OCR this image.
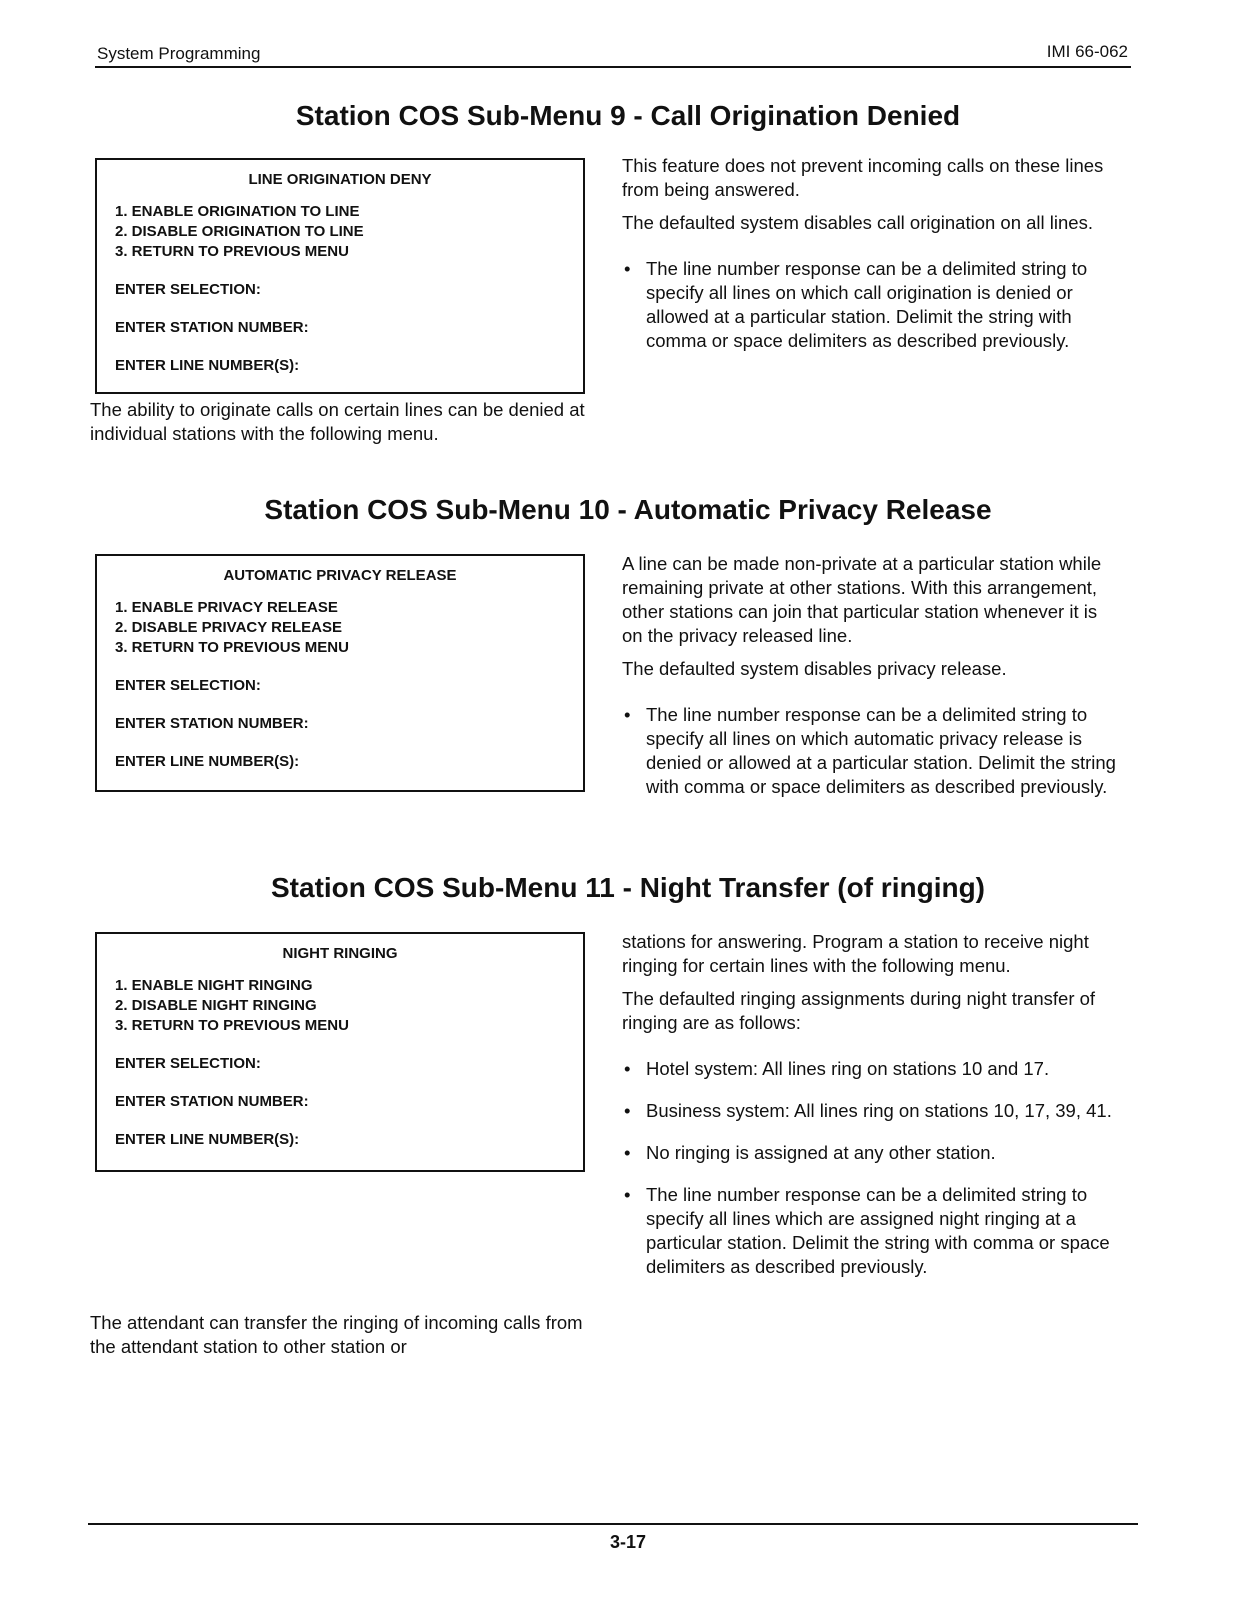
System Programming	IMI 66-062
Station COS Sub-Menu 9 - Call Origination Denied
LINE ORIGINATION DENY
1. ENABLE ORIGINATION TO LINE
2. DISABLE ORIGINATION TO LINE
3. RETURN TO PREVIOUS MENU
ENTER SELECTION:
ENTER STATION NUMBER:
ENTER LINE NUMBER(S):
The ability to originate calls on certain lines can be denied at individual stations with the following menu.

This feature does not prevent incoming calls on these lines from being answered.

The defaulted system disables call origination on all lines.

• The line number response can be a delimited string to specify all lines on which call origination is denied or allowed at a particular station. Delimit the string with comma or space delimiters as described previously.
Station COS Sub-Menu 10 - Automatic Privacy Release
AUTOMATIC PRIVACY RELEASE
1. ENABLE PRIVACY RELEASE
2. DISABLE PRIVACY RELEASE
3. RETURN TO PREVIOUS MENU
ENTER SELECTION:
ENTER STATION NUMBER:
ENTER LINE NUMBER(S):

A line can be made non-private at a particular station while remaining private at other stations. With this arrangement, other stations can join that particular station whenever it is on the privacy released line.

The defaulted system disables privacy release.

• The line number response can be a delimited string to specify all lines on which automatic privacy release is denied or allowed at a particular station. Delimit the string with comma or space delimiters as described previously.
Station COS Sub-Menu 11 - Night Transfer (of ringing)
NIGHT RINGING
1. ENABLE NIGHT RINGING
2. DISABLE NIGHT RINGING
3. RETURN TO PREVIOUS MENU
ENTER SELECTION:
ENTER STATION NUMBER:
ENTER LINE NUMBER(S):
The attendant can transfer the ringing of incoming calls from the attendant station to other station or

stations for answering. Program a station to receive night ringing for certain lines with the following menu.

The defaulted ringing assignments during night transfer of ringing are as follows:

• Hotel system: All lines ring on stations 10 and 17.
• Business system: All lines ring on stations 10, 17, 39, 41.
• No ringing is assigned at any other station.
• The line number response can be a delimited string to specify all lines which are assigned night ringing at a particular station. Delimit the string with comma or space delimiters as described previously.
3-17
